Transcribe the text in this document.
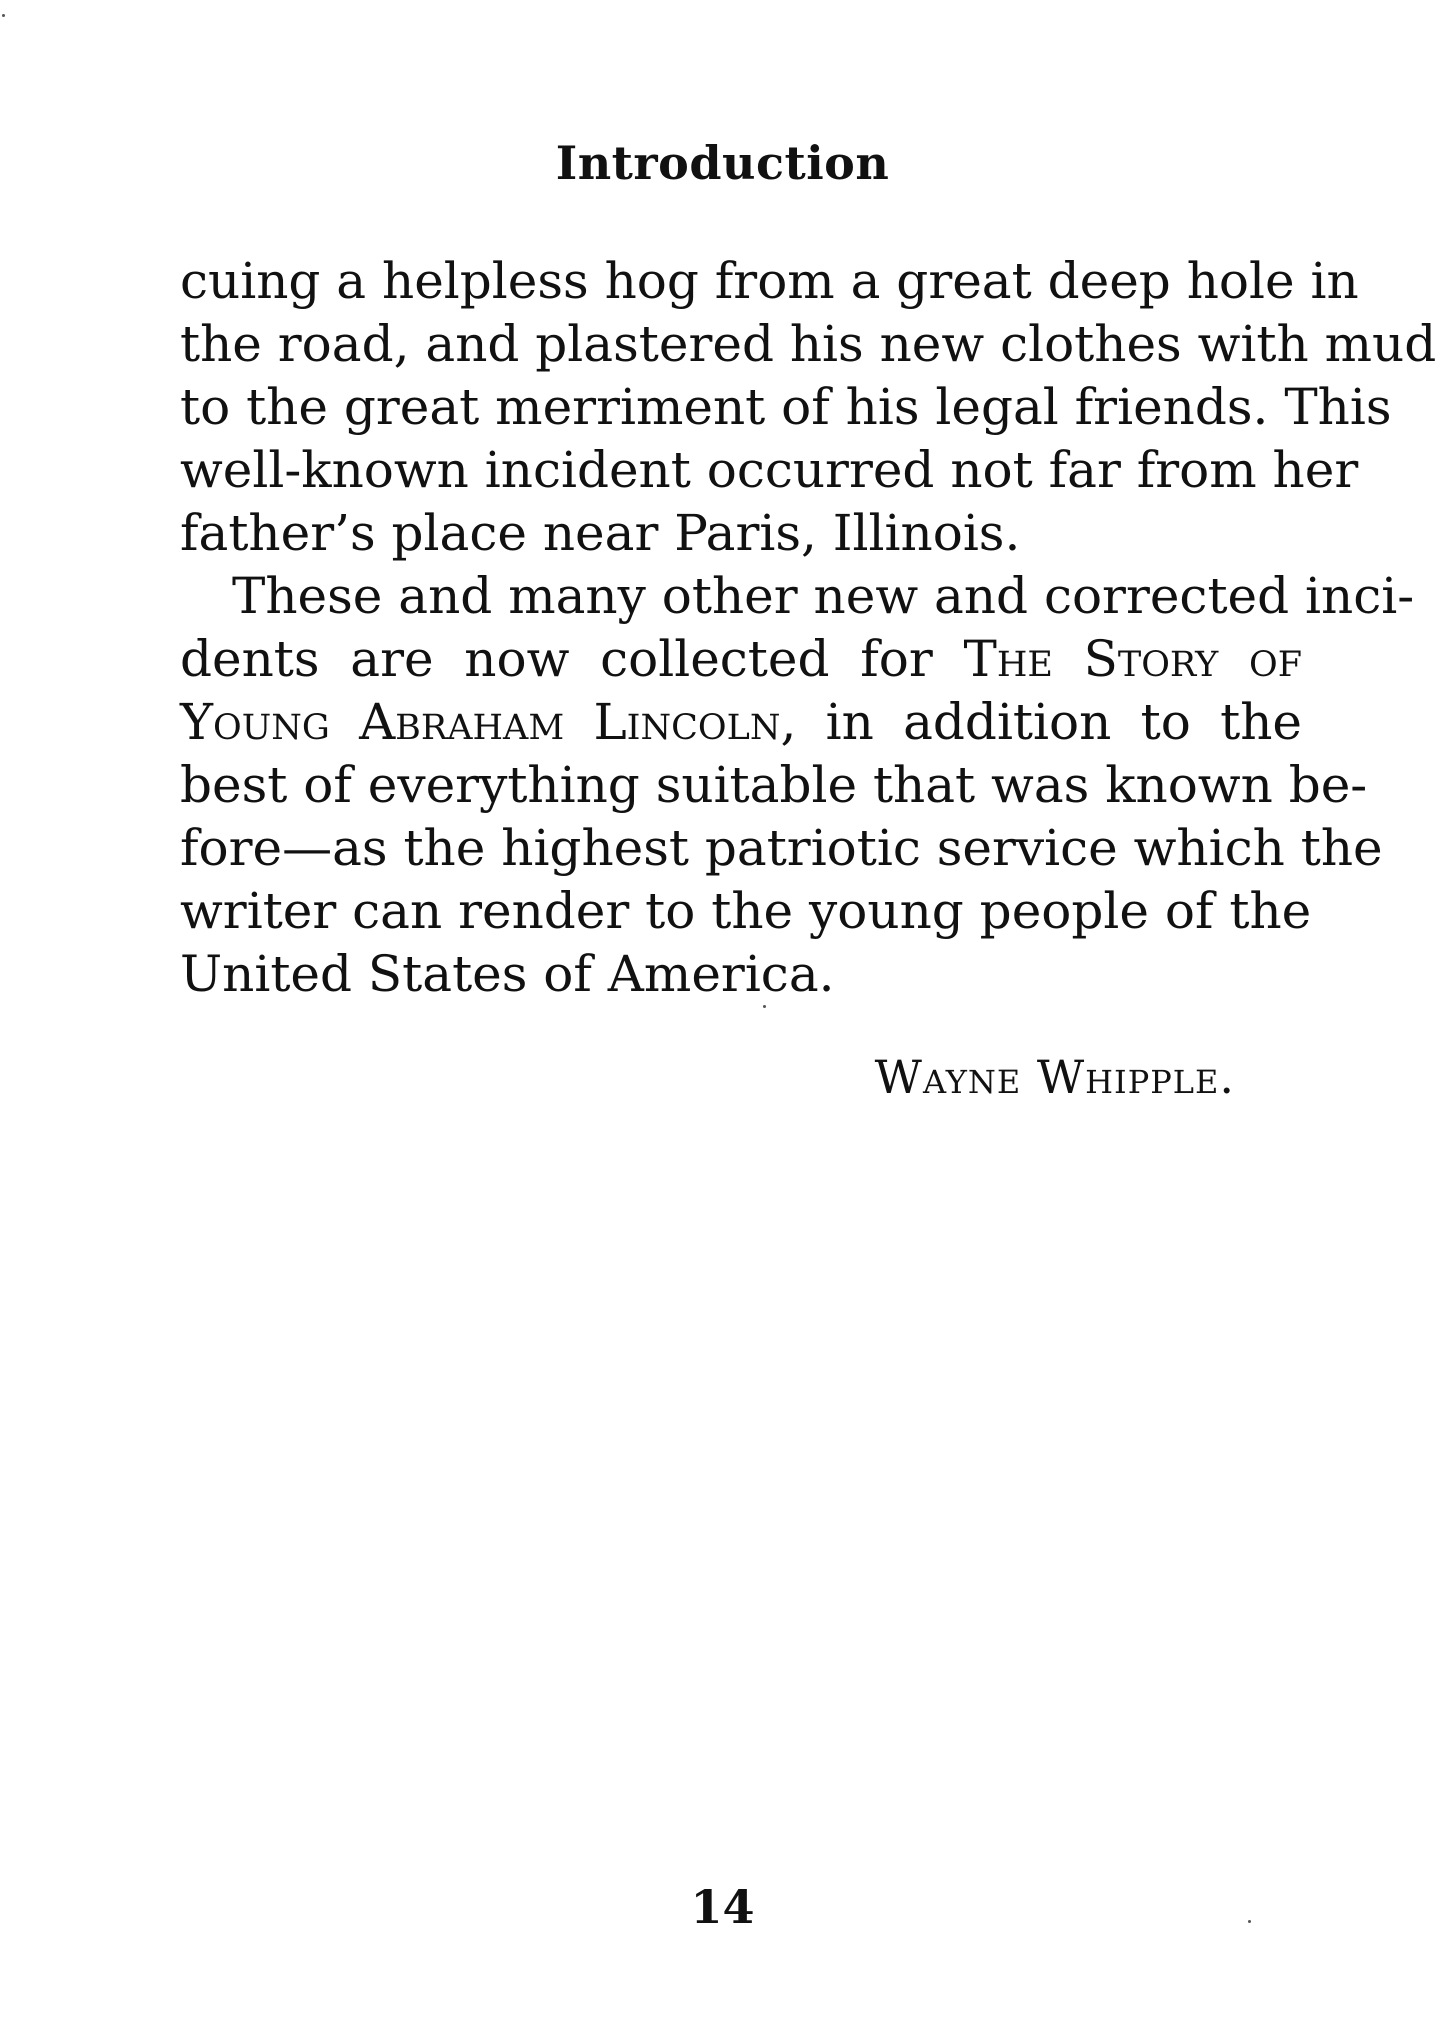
Introduction
cuing a helpless hog from a great deep hole in
the road, and plastered his new clothes with mud
to the great merriment of his legal friends. This
well-known incident occurred not far from her
father’s place near Paris, Illinois.
These and many other new and corrected inci-
dents are now collected for The Story of
Young Abraham Lincoln, in addition to the
best of everything suitable that was known be-
fore—as the highest patriotic service which the
writer can render to the young people of the
United States of America.
Wayne Whipple.
14
